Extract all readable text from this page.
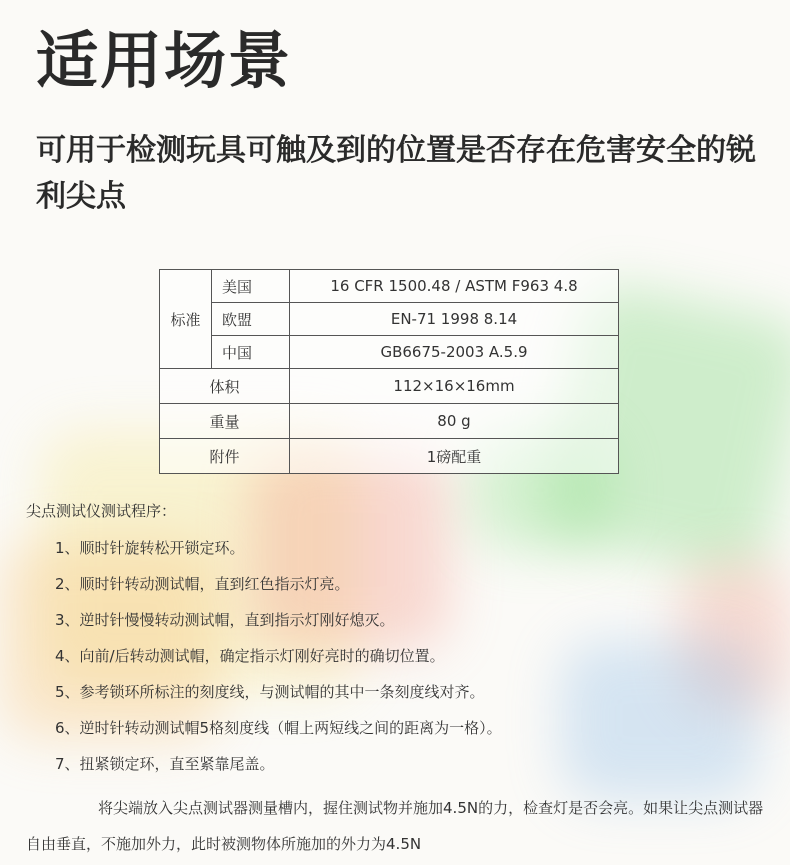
适用场景

可用于检测玩具可触及到的位置是否存在危害安全的锐利尖点

标准	美国	16 CFR 1500.48 / ASTM F963 4.8
	欧盟	EN-71 1998 8.14
	中国	GB6675-2003 A.5.9
体积		112×16×16mm
重量		80 g
附件		1磅配重

尖点测试仪测试程序：

1、顺时针旋转松开锁定环。
2、顺时针转动测试帽，直到红色指示灯亮。
3、逆时针慢慢转动测试帽，直到指示灯刚好熄灭。
4、向前/后转动测试帽，确定指示灯刚好亮时的确切位置。
5、参考锁环所标注的刻度线，与测试帽的其中一条刻度线对齐。
6、逆时针转动测试帽5格刻度线（帽上两短线之间的距离为一格）。
7、扭紧锁定环，直至紧靠尾盖。

将尖端放入尖点测试器测量槽内，握住测试物并施加4.5N的力，检查灯是否会亮。如果让尖点测试器自由垂直，不施加外力，此时被测物体所施加的外力为4.5N
